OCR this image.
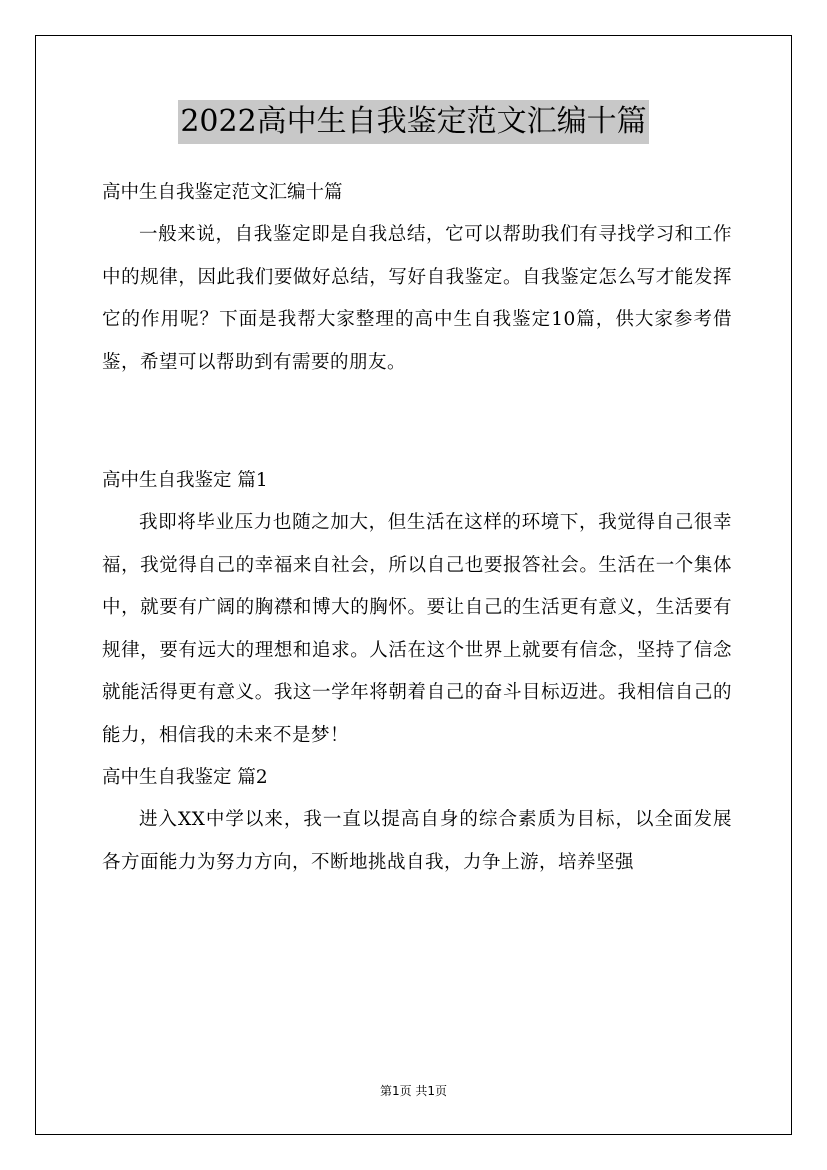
2022高中生自我鉴定范文汇编十篇

高中生自我鉴定范文汇编十篇

一般来说，自我鉴定即是自我总结，它可以帮助我们有寻找学习和工作中的规律，因此我们要做好总结，写好自我鉴定。自我鉴定怎么写才能发挥它的作用呢？下面是我帮大家整理的高中生自我鉴定10篇，供大家参考借鉴，希望可以帮助到有需要的朋友。

高中生自我鉴定 篇1

我即将毕业压力也随之加大，但生活在这样的环境下，我觉得自己很幸福，我觉得自己的幸福来自社会，所以自己也要报答社会。生活在一个集体中，就要有广阔的胸襟和博大的胸怀。要让自己的生活更有意义，生活要有规律，要有远大的理想和追求。人活在这个世界上就要有信念，坚持了信念就能活得更有意义。我这一学年将朝着自己的奋斗目标迈进。我相信自己的能力，相信我的未来不是梦！

高中生自我鉴定 篇2

进入XX中学以来，我一直以提高自身的综合素质为目标，以全面发展各方面能力为努力方向，不断地挑战自我，力争上游，培养坚强

第1页 共1页
